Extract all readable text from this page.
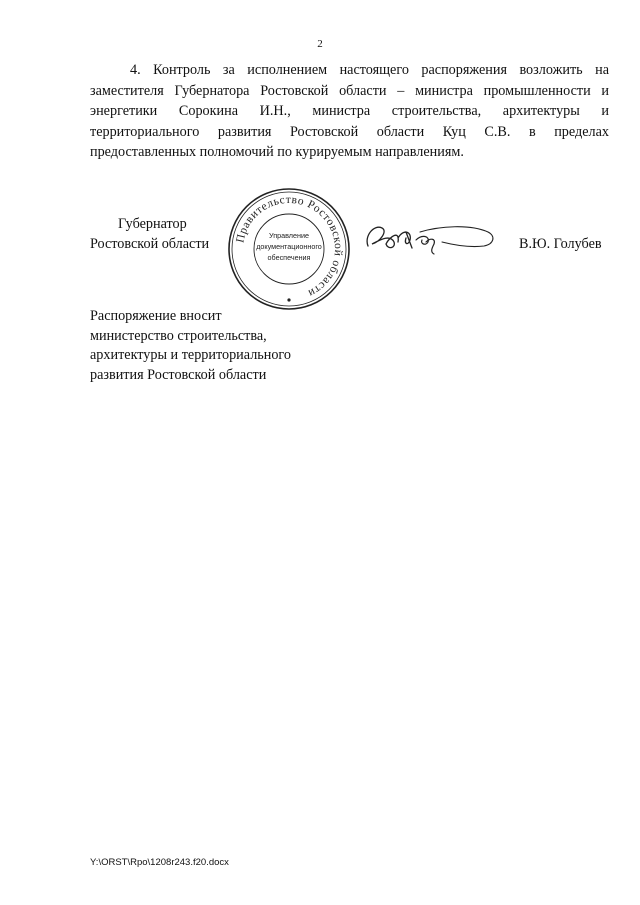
2

4. Контроль за исполнением настоящего распоряжения возложить на заместителя Губернатора Ростовской области – министра промышленности и энергетики Сорокина И.Н., министра строительства, архитектуры и территориального развития Ростовской области Куц С.В. в пределах предоставленных полномочий по курируемым направлениям.

Губернатор
Ростовской области Правительство Ростовской области
Управление
документационного
обеспечения
В.Ю. Голубев
Распоряжение вносит
министерство строительства,
архитектуры и территориального
развития Ростовской области
Y:\ORST\Rpo\1208r243.f20.docx
